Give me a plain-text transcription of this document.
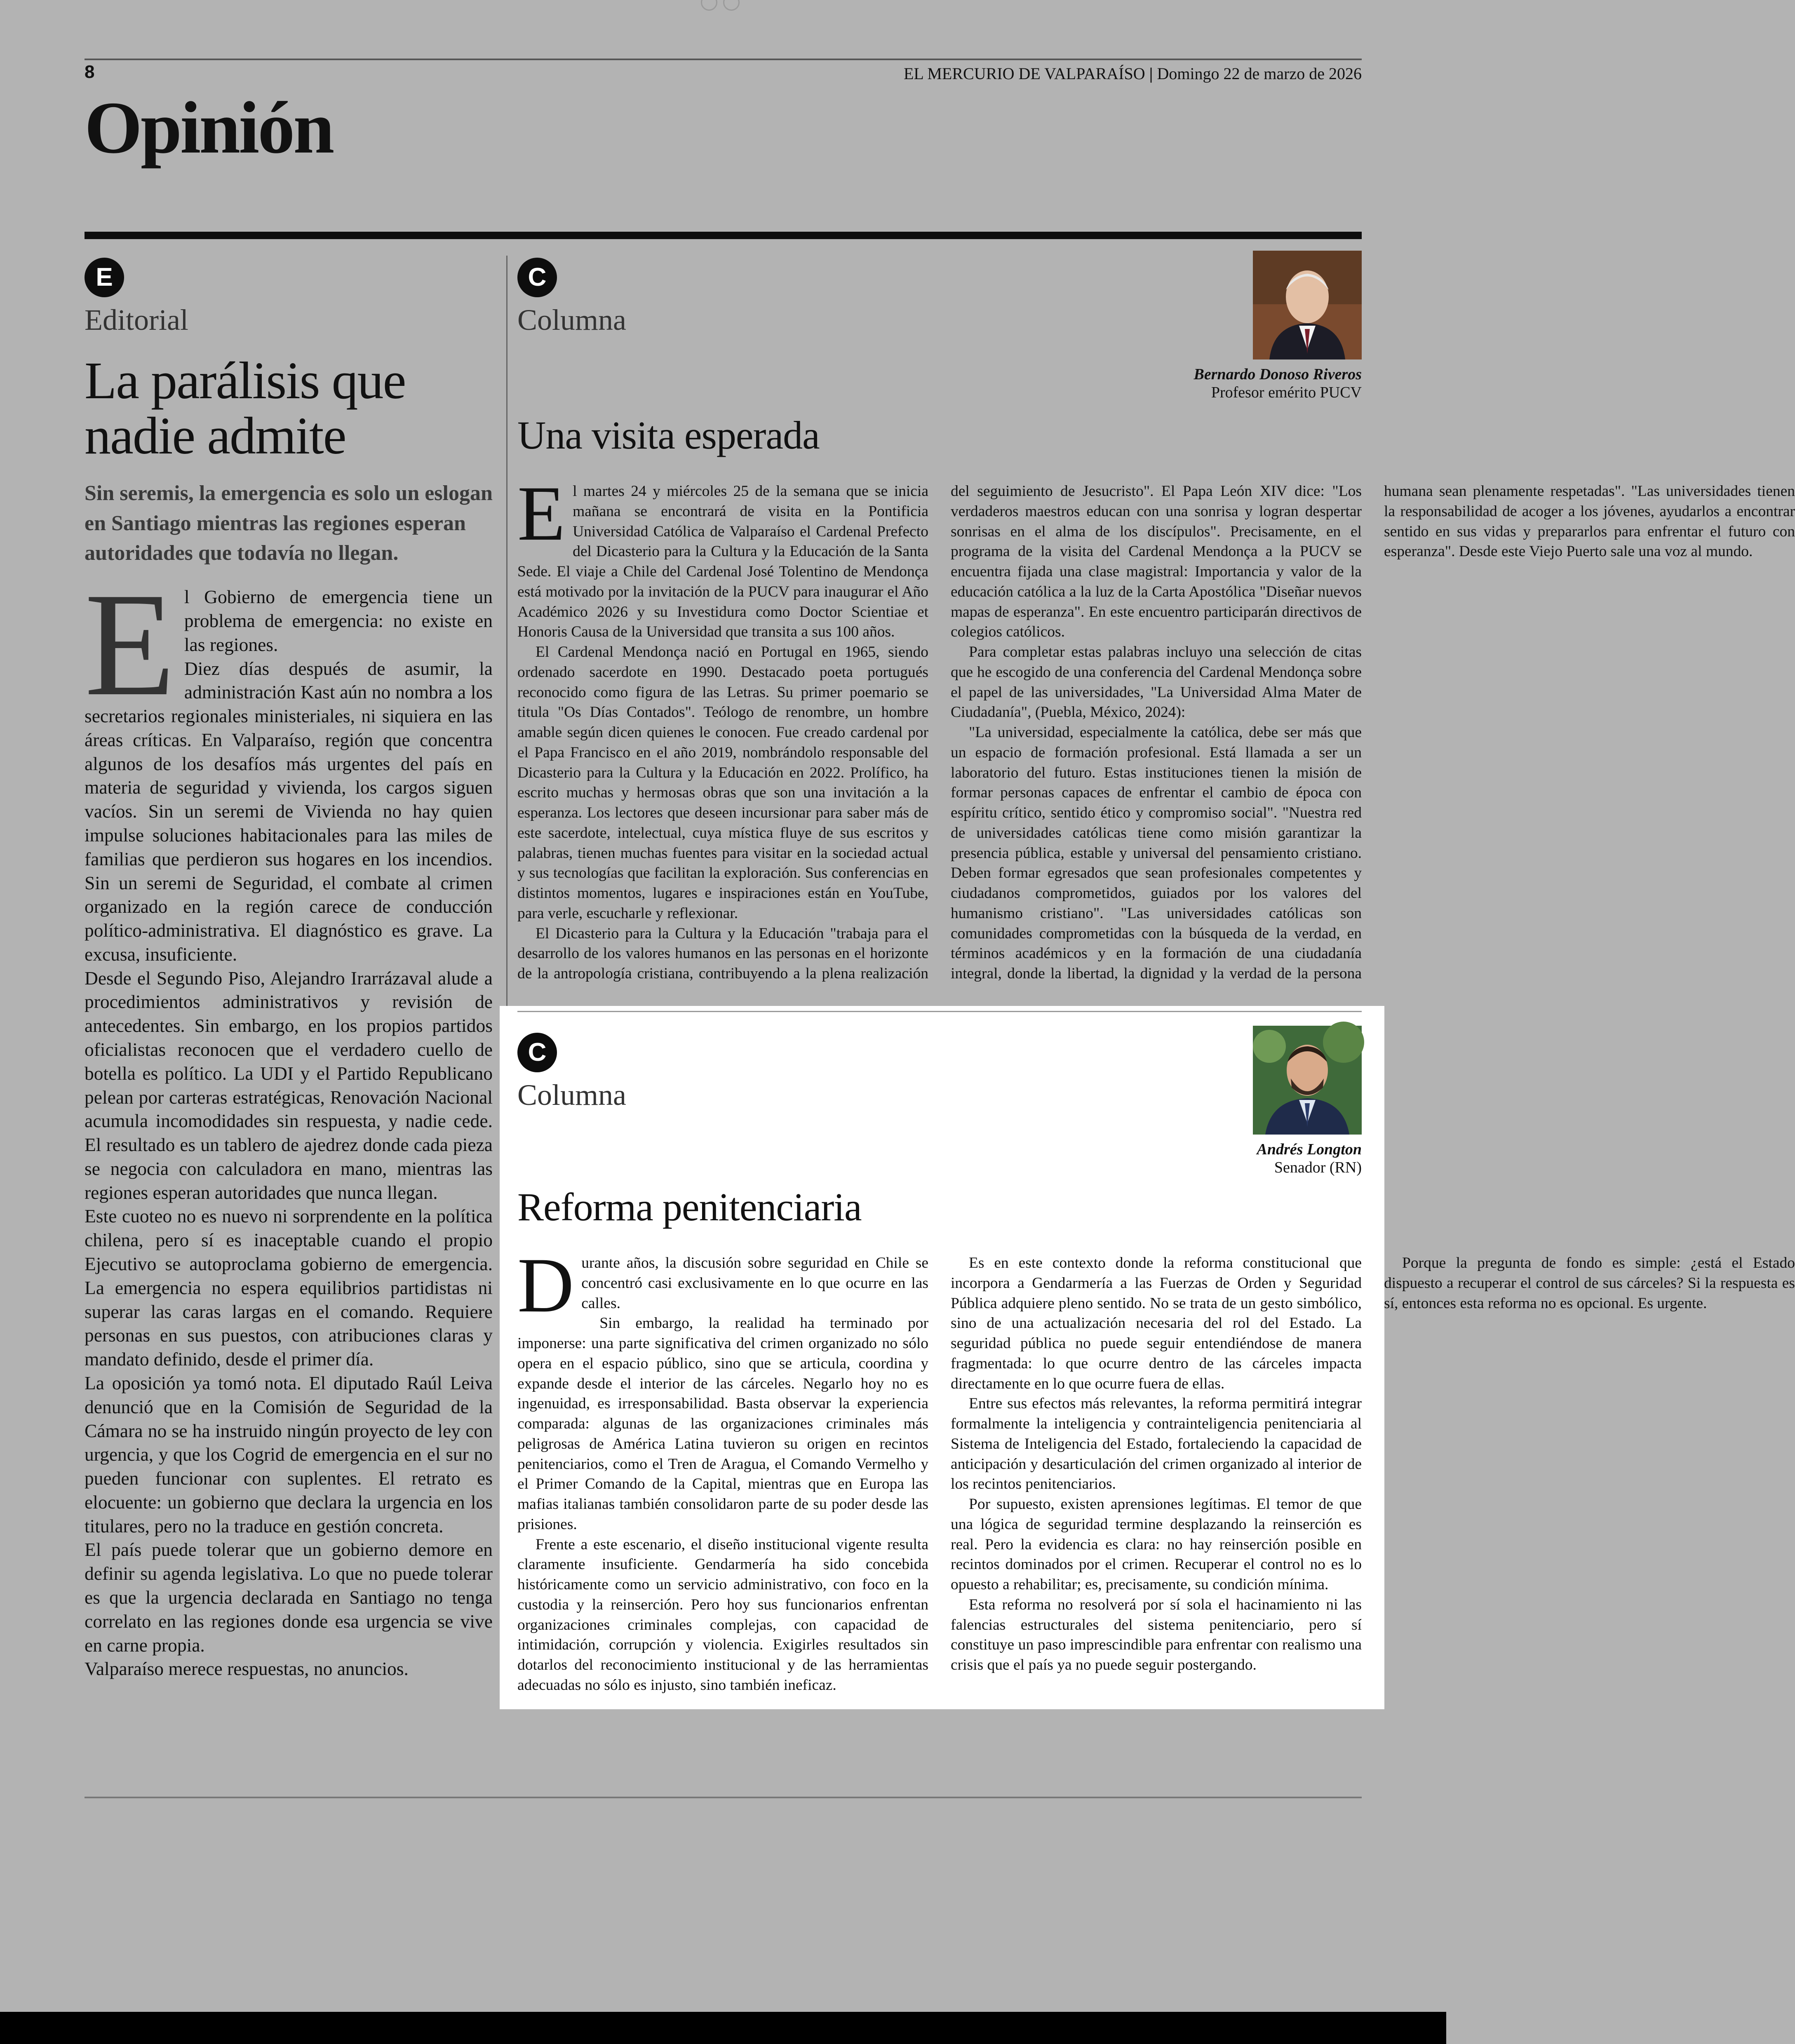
8	EL MERCURIO DE VALPARAÍSO | Domingo 22 de marzo de 2026
Opinión
E
Editorial
La parálisis que
nadie admite
Sin seremis, la emergencia es solo un eslogan en Santiago mientras las regiones esperan autoridades que todavía no llegan.

El Gobierno de emergencia tiene un problema de emergencia: no existe en las regiones.

Diez días después de asumir, la administración Kast aún no nombra a los secretarios regionales ministeriales, ni siquiera en las áreas críticas. En Valparaíso, región que concentra algunos de los desafíos más urgentes del país en materia de seguridad y vivienda, los cargos siguen vacíos. Sin un seremi de Vivienda no hay quien impulse soluciones habitacionales para las miles de familias que perdieron sus hogares en los incendios. Sin un seremi de Seguridad, el combate al crimen organizado en la región carece de conducción político-administrativa. El diagnóstico es grave. La excusa, insuficiente.

Desde el Segundo Piso, Alejandro Irarrázaval alude a procedimientos administrativos y revisión de antecedentes. Sin embargo, en los propios partidos oficialistas reconocen que el verdadero cuello de botella es político. La UDI y el Partido Republicano pelean por carteras estratégicas, Renovación Nacional acumula incomodidades sin respuesta, y nadie cede. El resultado es un tablero de ajedrez donde cada pieza se negocia con calculadora en mano, mientras las regiones esperan autoridades que nunca llegan.

Este cuoteo no es nuevo ni sorprendente en la política chilena, pero sí es inaceptable cuando el propio Ejecutivo se autoproclama gobierno de emergencia. La emergencia no espera equilibrios partidistas ni superar las caras largas en el comando. Requiere personas en sus puestos, con atribuciones claras y mandato definido, desde el primer día.

La oposición ya tomó nota. El diputado Raúl Leiva denunció que en la Comisión de Seguridad de la Cámara no se ha instruido ningún proyecto de ley con urgencia, y que los Cogrid de emergencia en el sur no pueden funcionar con suplentes. El retrato es elocuente: un gobierno que declara la urgencia en los titulares, pero no la traduce en gestión concreta.

El país puede tolerar que un gobierno demore en definir su agenda legislativa. Lo que no puede tolerar es que la urgencia declarada en Santiago no tenga correlato en las regiones donde esa urgencia se vive en carne propia.

Valparaíso merece respuestas, no anuncios.

C
Columna
Bernardo Donoso Riveros
Profesor emérito PUCV
Una visita esperada

El martes 24 y miércoles 25 de la semana que se inicia mañana se encontrará de visita en la Pontificia Universidad Católica de Valparaíso el Cardenal Prefecto del Dicasterio para la Cultura y la Educación de la Santa Sede. El viaje a Chile del Cardenal José Tolentino de Mendonça está motivado por la invitación de la PUCV para inaugurar el Año Académico 2026 y su Investidura como Doctor Scientiae et Honoris Causa de la Universidad que transita a sus 100 años.

El Cardenal Mendonça nació en Portugal en 1965, siendo ordenado sacerdote en 1990. Destacado poeta portugués reconocido como figura de las Letras. Su primer poemario se titula "Os Días Contados". Teólogo de renombre, un hombre amable según dicen quienes le conocen. Fue creado cardenal por el Papa Francisco en el año 2019, nombrándolo responsable del Dicasterio para la Cultura y la Educación en 2022. Prolífico, ha escrito muchas y hermosas obras que son una invitación a la esperanza. Los lectores que deseen incursionar para saber más de este sacerdote, intelectual, cuya mística fluye de sus escritos y palabras, tienen muchas fuentes para visitar en la sociedad actual y sus tecnologías que facilitan la exploración. Sus conferencias en distintos momentos, lugares e inspiraciones están en YouTube, para verle, escucharle y reflexionar.

El Dicasterio para la Cultura y la Educación "trabaja para el desarrollo de los valores humanos en las personas en el horizonte de la antropología cristiana, contribuyendo a la plena realización del seguimiento de Jesucristo". El Papa León XIV dice: "Los verdaderos maestros educan con una sonrisa y logran despertar sonrisas en el alma de los discípulos". Precisamente, en el programa de la visita del Cardenal Mendonça a la PUCV se encuentra fijada una clase magistral: Importancia y valor de la educación católica a la luz de la Carta Apostólica "Diseñar nuevos mapas de esperanza". En este encuentro participarán directivos de colegios católicos.

Para completar estas palabras incluyo una selección de citas que he escogido de una conferencia del Cardenal Mendonça sobre el papel de las universidades, "La Universidad Alma Mater de Ciudadanía", (Puebla, México, 2024):

"La universidad, especialmente la católica, debe ser más que un espacio de formación profesional. Está llamada a ser un laboratorio del futuro. Estas instituciones tienen la misión de formar personas capaces de enfrentar el cambio de época con espíritu crítico, sentido ético y compromiso social". "Nuestra red de universidades católicas tiene como misión garantizar la presencia pública, estable y universal del pensamiento cristiano. Deben formar egresados que sean profesionales competentes y ciudadanos comprometidos, guiados por los valores del humanismo cristiano". "Las universidades católicas son comunidades comprometidas con la búsqueda de la verdad, en términos académicos y en la formación de una ciudadanía integral, donde la libertad, la dignidad y la verdad de la persona humana sean plenamente respetadas". "Las universidades tienen la responsabilidad de acoger a los jóvenes, ayudarlos a encontrar sentido en sus vidas y prepararlos para enfrentar el futuro con esperanza". Desde este Viejo Puerto sale una voz al mundo.

C
Columna
Andrés Longton
Senador (RN)
Reforma penitenciaria

Durante años, la discusión sobre seguridad en Chile se concentró casi exclusivamente en lo que ocurre en las calles.

Sin embargo, la realidad ha terminado por imponerse: una parte significativa del crimen organizado no sólo opera en el espacio público, sino que se articula, coordina y expande desde el interior de las cárceles. Negarlo hoy no es ingenuidad, es irresponsabilidad. Basta observar la experiencia comparada: algunas de las organizaciones criminales más peligrosas de América Latina tuvieron su origen en recintos penitenciarios, como el Tren de Aragua, el Comando Vermelho y el Primer Comando de la Capital, mientras que en Europa las mafias italianas también consolidaron parte de su poder desde las prisiones.

Frente a este escenario, el diseño institucional vigente resulta claramente insuficiente. Gendarmería ha sido concebida históricamente como un servicio administrativo, con foco en la custodia y la reinserción. Pero hoy sus funcionarios enfrentan organizaciones criminales complejas, con capacidad de intimidación, corrupción y violencia. Exigirles resultados sin dotarlos del reconocimiento institucional y de las herramientas adecuadas no sólo es injusto, sino también ineficaz.

Es en este contexto donde la reforma constitucional que incorpora a Gendarmería a las Fuerzas de Orden y Seguridad Pública adquiere pleno sentido. No se trata de un gesto simbólico, sino de una actualización necesaria del rol del Estado. La seguridad pública no puede seguir entendiéndose de manera fragmentada: lo que ocurre dentro de las cárceles impacta directamente en lo que ocurre fuera de ellas.

Entre sus efectos más relevantes, la reforma permitirá integrar formalmente la inteligencia y contrainteligencia penitenciaria al Sistema de Inteligencia del Estado, fortaleciendo la capacidad de anticipación y desarticulación del crimen organizado al interior de los recintos penitenciarios.

Por supuesto, existen aprensiones legítimas. El temor de que una lógica de seguridad termine desplazando la reinserción es real. Pero la evidencia es clara: no hay reinserción posible en recintos dominados por el crimen. Recuperar el control no es lo opuesto a rehabilitar; es, precisamente, su condición mínima.

Esta reforma no resolverá por sí sola el hacinamiento ni las falencias estructurales del sistema penitenciario, pero sí constituye un paso imprescindible para enfrentar con realismo una crisis que el país ya no puede seguir postergando.

Porque la pregunta de fondo es simple: ¿está el Estado dispuesto a recuperar el control de sus cárceles? Si la respuesta es sí, entonces esta reforma no es opcional. Es urgente.
